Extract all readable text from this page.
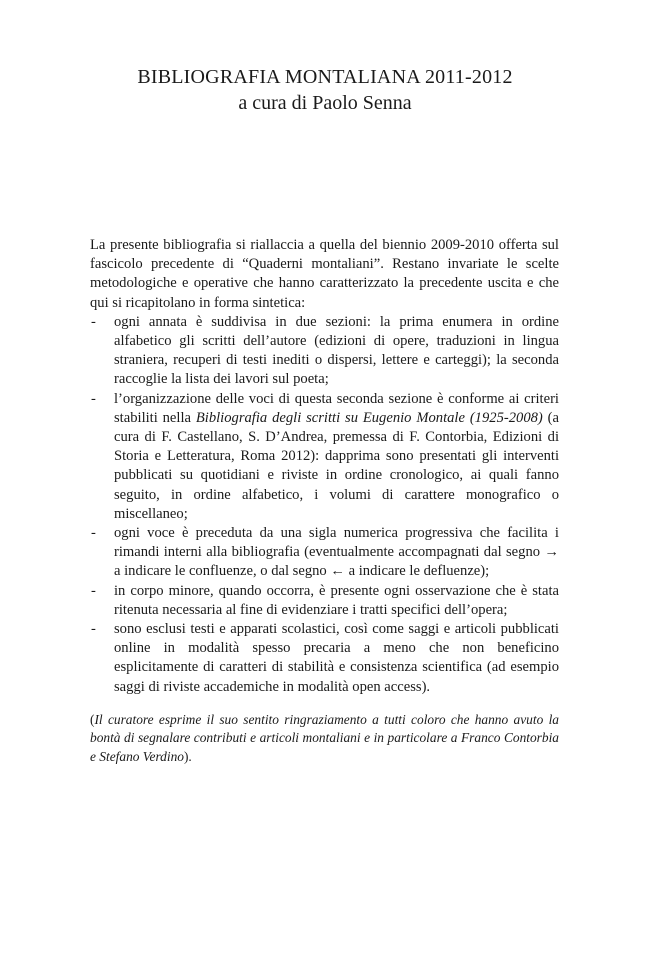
BIBLIOGRAFIA MONTALIANA 2011-2012
a cura di Paolo Senna

La presente bibliografia si riallaccia a quella del biennio 2009-2010 offerta sul fascicolo precedente di “Quaderni montaliani”. Restano invariate le scelte metodologiche e operative che hanno caratterizzato la precedente uscita e che qui si ricapitolano in forma sintetica:

- ogni annata è suddivisa in due sezioni: la prima enumera in ordine alfabetico gli scritti dell’autore (edizioni di opere, traduzioni in lingua straniera, recuperi di testi inediti o dispersi, lettere e carteggi); la seconda raccoglie la lista dei lavori sul poeta;
- l’organizzazione delle voci di questa seconda sezione è conforme ai criteri stabiliti nella Bibliografia degli scritti su Eugenio Montale (1925-2008) (a cura di F. Castellano, S. D’Andrea, premessa di F. Contorbia, Edizioni di Storia e Letteratura, Roma 2012): dapprima sono presentati gli interventi pubblicati su quotidiani e riviste in ordine cronologico, ai quali fanno seguito, in ordine alfabetico, i volumi di carattere monografico o miscellaneo;
- ogni voce è preceduta da una sigla numerica progressiva che facilita i rimandi interni alla bibliografia (eventualmente accompagnati dal segno → a indicare le confluenze, o dal segno ← a indicare le defluenze);
- in corpo minore, quando occorra, è presente ogni osservazione che è stata ritenuta necessaria al fine di evidenziare i tratti specifici dell’opera;
- sono esclusi testi e apparati scolastici, così come saggi e articoli pubblicati online in modalità spesso precaria a meno che non beneficino esplicitamente di caratteri di stabilità e consistenza scientifica (ad esempio saggi di riviste accademiche in modalità open access).

(Il curatore esprime il suo sentito ringraziamento a tutti coloro che hanno avuto la bontà di segnalare contributi e articoli montaliani e in particolare a Franco Contorbia e Stefano Verdino).
